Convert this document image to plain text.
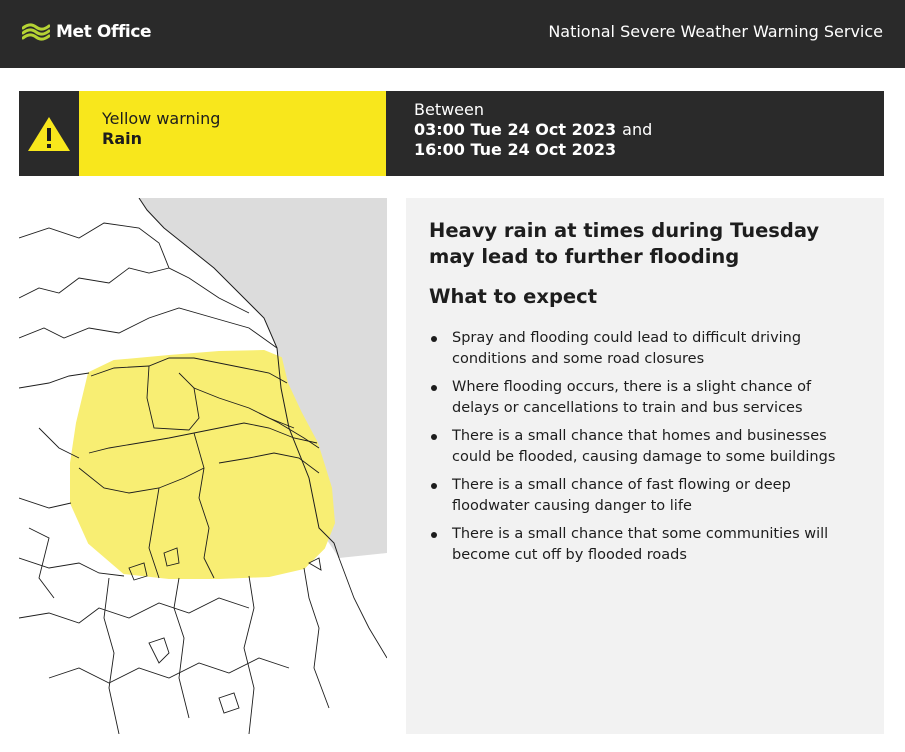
Met Office	National Severe Weather Warning Service
Yellow warning
Rain
Between
03:00 Tue 24 Oct 2023 and
16:00 Tue 24 Oct 2023
Heavy rain at times during Tuesday may lead to further flooding
What to expect
Spray and flooding could lead to difficult driving conditions and some road closures
Where flooding occurs, there is a slight chance of delays or cancellations to train and bus services
There is a small chance that homes and businesses could be flooded, causing damage to some buildings
There is a small chance of fast flowing or deep floodwater causing danger to life
There is a small chance that some communities will become cut off by flooded roads
